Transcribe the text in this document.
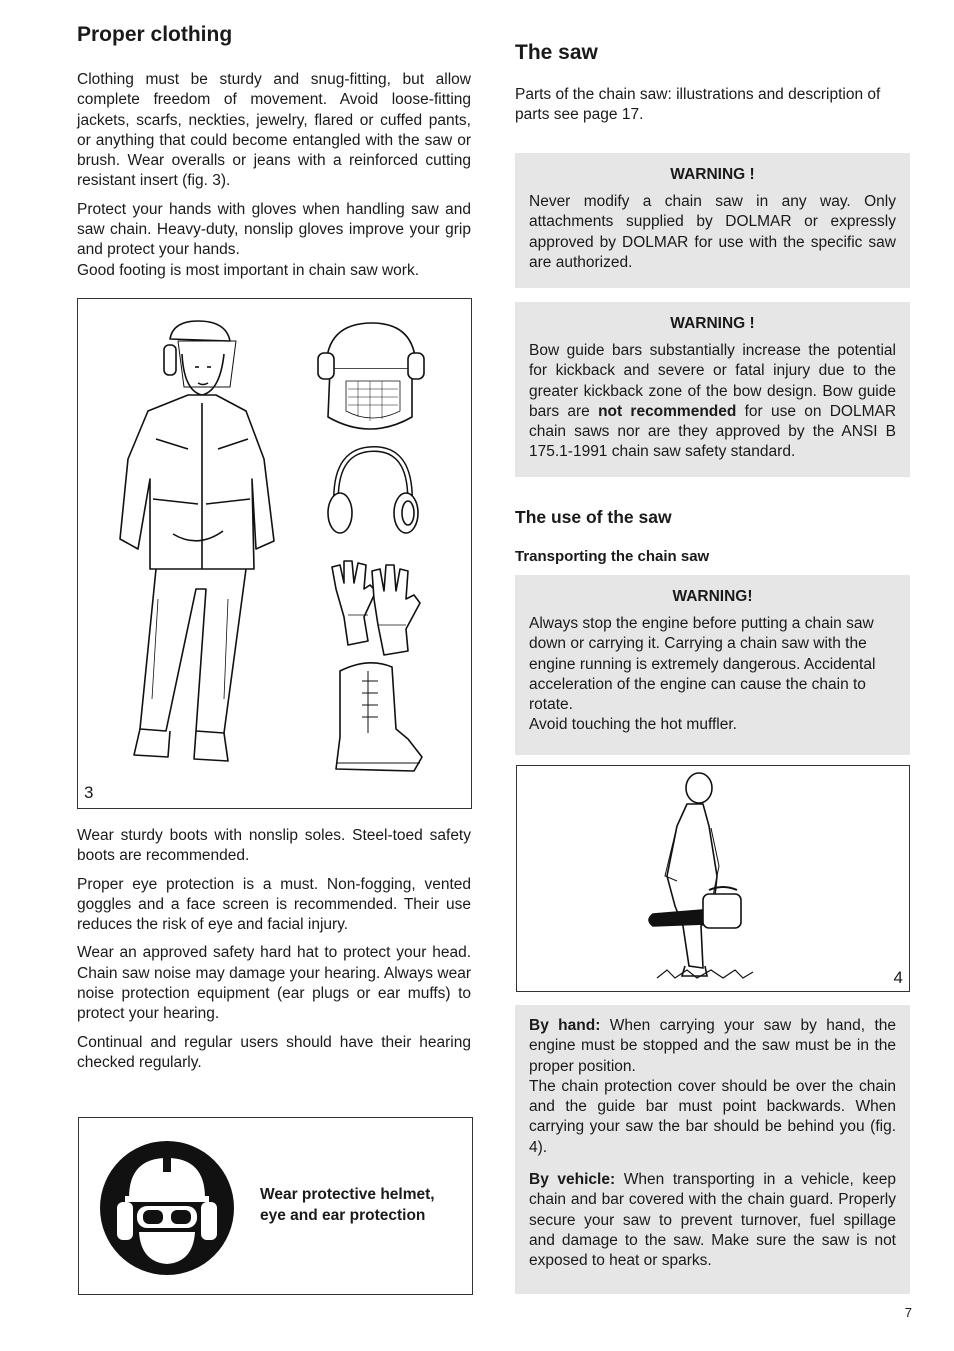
Proper clothing

Clothing must be sturdy and snug-fitting, but allow complete freedom of movement. Avoid loose-fitting jackets, scarfs, neckties, jewelry, flared or cuffed pants, or anything that could become entangled with the saw or brush. Wear overalls or jeans with a reinforced cutting resistant insert (fig. 3).

Protect your hands with gloves when handling saw and saw chain. Heavy-duty, nonslip gloves improve your grip and protect your hands.

Good footing is most important in chain saw work.

3

Wear sturdy boots with nonslip soles. Steel-toed safety boots are recommended.

Proper eye protection is a must. Non-fogging, vented goggles and a face screen is recommended. Their use reduces the risk of eye and facial injury.

Wear an approved safety hard hat to protect your head. Chain saw noise may damage your hearing. Always wear noise protection equipment (ear plugs or ear muffs) to protect your hearing.

Continual and regular users should have their hearing checked regularly.

Wear protective helmet,
eye and ear protection
The saw

Parts of the chain saw: illustrations and description of parts see page 17.

WARNING !

Never modify a chain saw in any way. Only attachments supplied by DOLMAR or expressly approved by DOLMAR for use with the specific saw are authorized.

WARNING !

Bow guide bars substantially increase the potential for kickback and severe or fatal injury due to the greater kickback zone of the bow design. Bow guide bars are not recommended for use on DOLMAR chain saws nor are they approved by the ANSI B 175.1-1991 chain saw safety standard.

The use of the saw
Transporting the chain saw
WARNING!

Always stop the engine before putting a chain saw down or carrying it. Carrying a chain saw with the engine running is extremely dangerous. Accidental acceleration of the engine can cause the chain to rotate.

Avoid touching the hot muffler.

4

By hand: When carrying your saw by hand, the engine must be stopped and the saw must be in the proper position.

The chain protection cover should be over the chain and the guide bar must point backwards. When carrying your saw the bar should be behind you (fig. 4).

By vehicle: When transporting in a vehicle, keep chain and bar covered with the chain guard. Properly secure your saw to prevent turnover, fuel spillage and damage to the saw. Make sure the saw is not exposed to heat or sparks.

7
